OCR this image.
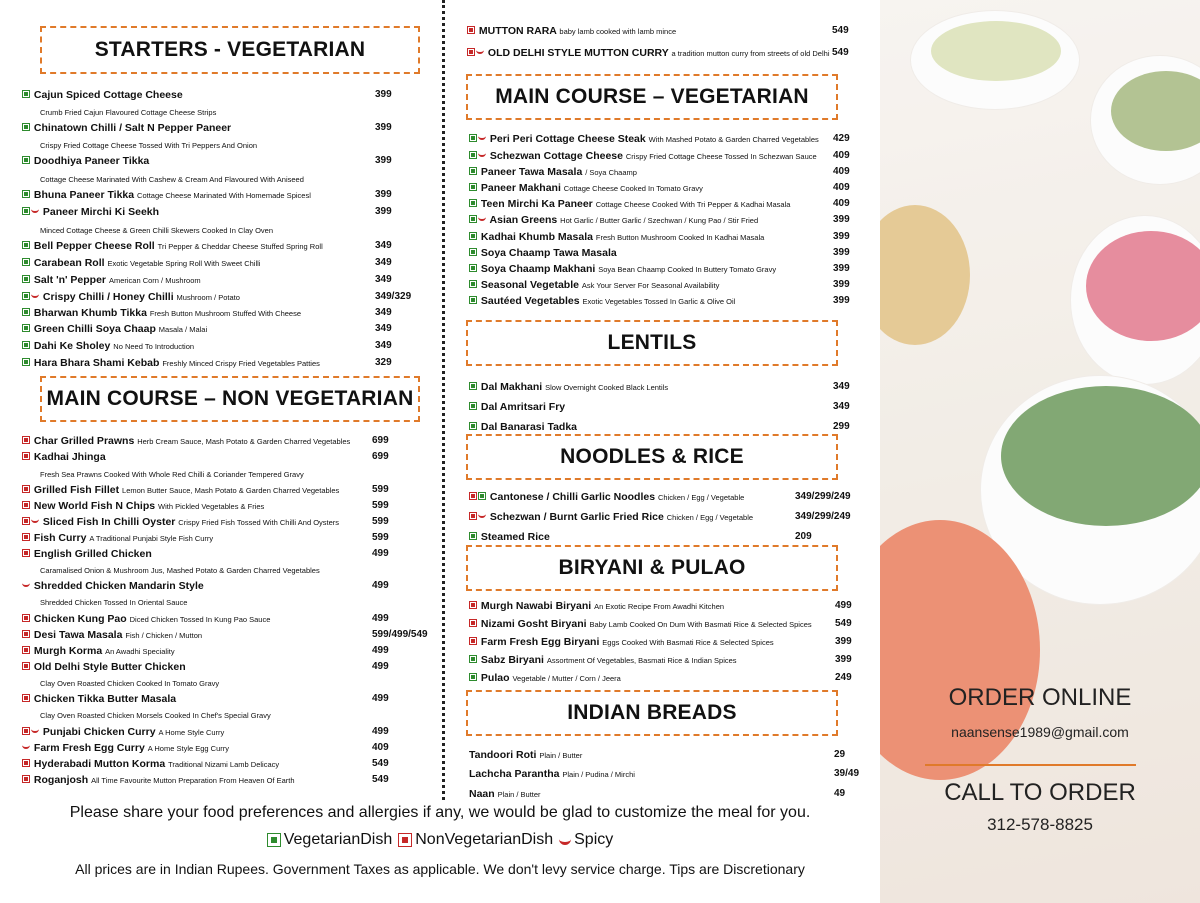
STARTERS - VEGETARIAN
MAIN COURSE – NON VEGETARIAN
MAIN COURSE – VEGETARIAN
LENTILS
NOODLES & RICE
BIRYANI & PULAO
INDIAN BREADS
Cajun Spiced Cottage Cheese	399
Chinatown Chilli / Salt N Pepper Paneer	399
Doodhiya Paneer Tikka	399
Bhuna Paneer Tikka Cottage Cheese Marinated With Homemade Spicesl	399
Paneer Mirchi Ki Seekh	399
Bell Pepper Cheese Roll Tri Pepper & Cheddar Cheese Stuffed Spring Roll	349
Carabean Roll Exotic Vegetable Spring Roll With Sweet Chilli	349
Salt 'n' Pepper American Corn / Mushroom	349
Crispy Chilli / Honey Chilli Mushroom / Potato	349/329
Bharwan Khumb Tikka Fresh Button Mushroom Stuffed With Cheese	349
Green Chilli Soya Chaap Masala / Malai	349
Dahi Ke Sholey No Need To Introduction	349
Hara Bhara Shami Kebab Freshly Minced Crispy Fried Vegetables Patties	329
Char Grilled Prawns Herb Cream Sauce, Mash Potato & Garden Charred Vegetables 699
Kadhai Jhinga	699
Grilled Fish Fillet Lemon Butter Sauce, Mash Potato & Garden Charred Vegetables	599
New World Fish N Chips With Pickled Vegetables & Fries	599
Sliced Fish In Chilli Oyster Crispy Fried Fish Tossed With Chilli And Oysters	599
Fish Curry A Traditional Punjabi Style Fish Curry	599
English Grilled Chicken	499
Shredded Chicken Mandarin Style	499
Chicken Kung Pao Diced Chicken Tossed In Kung Pao Sauce	499
Desi Tawa Masala Fish / Chicken / Mutton	599/499/549
Murgh Korma An Awadhi Speciality	499
Old Delhi Style Butter Chicken	499
Chicken Tikka Butter Masala	499
Punjabi Chicken Curry A Home Style Curry	499
Farm Fresh Egg Curry A Home Style Egg Curry	409
Hyderabadi Mutton Korma Traditional Nizami Lamb Delicacy	549
Roganjosh All Time Favourite Mutton Preparation From Heaven Of Earth	549
MUTTON RARA baby lamb cooked with lamb mince	549
OLD DELHI STYLE MUTTON CURRY a tradition mutton curry from streets of old Delhi 549
Peri Peri Cottage Cheese Steak With Mashed Potato & Garden Charred Vegetables 429
Schezwan Cottage Cheese Crispy Fried Cottage Cheese Tossed In Schezwan Sauce 409
Paneer Tawa Masala / Soya Chaamp	409
Paneer Makhani Cottage Cheese Cooked In Tomato Gravy	409
Teen Mirchi Ka Paneer Cottage Cheese Cooked With Tri Pepper & Kadhai Masala	409
Asian Greens Hot Garlic / Butter Garlic / Szechwan / Kung Pao / Stir Fried	399
Kadhai Khumb Masala Fresh Button Mushroom Cooked In Kadhai Masala	399
Soya Chaamp Tawa Masala	399
Soya Chaamp Makhani Soya Bean Chaamp Cooked In Buttery Tomato Gravy	399
Seasonal Vegetable Ask Your Server For Seasonal Availability	399
Sautéed Vegetables Exotic Vegetables Tossed In Garlic & Olive Oil	399
Dal Makhani Slow Overnight Cooked Black Lentils	349
Dal Amritsari Fry	349
Dal Banarasi Tadka	299
Cantonese / Chilli Garlic Noodles Chicken / Egg / Vegetable	349/299/249
Schezwan / Burnt Garlic Fried Rice Chicken / Egg / Vegetable	349/299/249
Steamed Rice	209
Murgh Nawabi Biryani An Exotic Recipe From Awadhi Kitchen	499
Nizami Gosht Biryani Baby Lamb Cooked On Dum With Basmati Rice & Selected Spices 549
Farm Fresh Egg Biryani Eggs Cooked With Basmati Rice & Selected Spices	399
Sabz Biryani Assortment Of Vegetables, Basmati Rice & Indian Spices	399
Pulao Vegetable / Mutter / Corn / Jeera	249
Tandoori Roti Plain / Butter	29
Lachcha Parantha Plain / Pudina / Mirchi	39/49
Naan Plain / Butter	49
Crumb Fried Cajun Flavoured Cottage Cheese Strips
Crispy Fried Cottage Cheese Tossed With Tri Peppers And Onion
Cottage Cheese Marinated With Cashew & Cream And Flavoured With Aniseed
Minced Cottage Cheese & Green Chilli Skewers Cooked In Clay Oven
Fresh Sea Prawns Cooked With Whole Red Chilli & Coriander Tempered Gravy
Caramalised Onion & Mushroom Jus, Mashed Potato & Garden Charred Vegetables
Shredded Chicken Tossed In Oriental Sauce
Clay Oven Roasted Chicken Cooked In Tomato Gravy
Clay Oven Roasted Chicken Morsels Cooked In Chef's Special Gravy
Please share your food preferences and allergies if any, we would be glad to customize the meal for you.
VegetarianDish NonVegetarianDish Spicy
All prices are in Indian Rupees. Government Taxes as applicable. We don't levy service charge. Tips are Discretionary
ORDER ONLINE
naansense1989@gmail.com
CALL TO ORDER
312-578-8825
